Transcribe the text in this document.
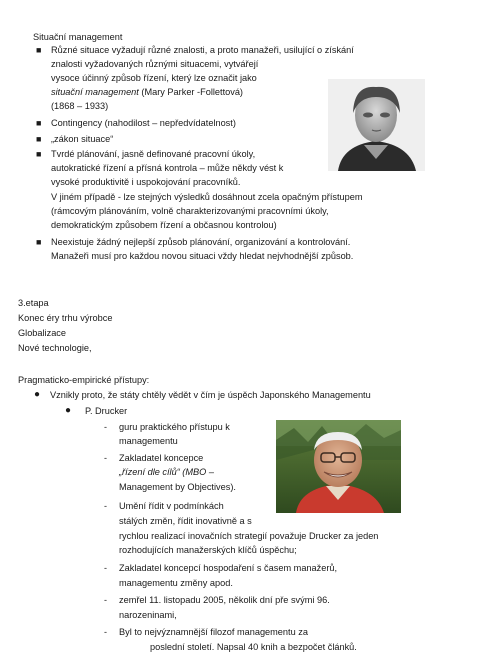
Situační management
■ Různé situace vyžadují různé znalosti, a proto manažeři, usilující o získání
znalosti vyžadovaných různými situacemi, vytvářejí
vysoce účinný způsob řízení, který lze označit jako
situační management (Mary Parker -Follettová)
(1868 – 1933)
■ Contingency (nahodilost – nepředvídatelnost)
■ „zákon situace“
■ Tvrdé plánování, jasně definované pracovní úkoly,
autokratické řízení a přísná kontrola – může někdy vést k
vysoké produktivitě i uspokojování pracovníků.
V jiném případě - lze stejných výsledků dosáhnout zcela opačným přístupem
(rámcovým plánováním, volně charakterizovanými pracovními úkoly,
demokratickým způsobem řízení a občasnou kontrolou)
■ Neexistuje žádný nejlepší způsob plánování, organizování a kontrolování.
Manažeři musí pro každou novou situaci vždy hledat nejvhodnější způsob.
3.etapa
Konec éry trhu výrobce
Globalizace
Nové technologie,
Pragmaticko-empirické přístupy:
● Vznikly proto, že státy chtěly vědět v čím je úspěch Japonského Managementu
● P. Drucker
- guru praktického přístupu k
managementu
- Zakladatel koncepce
„řízení dle cílů“ (MBO –
Management by Objectives).
- Umění řídit v podmínkách
stálých změn, řídit inovativně a s
rychlou realizací inovačních strategií považuje Drucker za jeden
rozhodujících manažerských klíčů úspěchu;
- Zakladatel koncepcí hospodaření s časem manažerů,
managementu změny apod.
- zemřel 11. listopadu 2005, několik dní pře svými 96.
narozeninami,
- Byl to nejvýznamnější filozof managementu za
poslední století. Napsal 40 knih a bezpočet článků.
